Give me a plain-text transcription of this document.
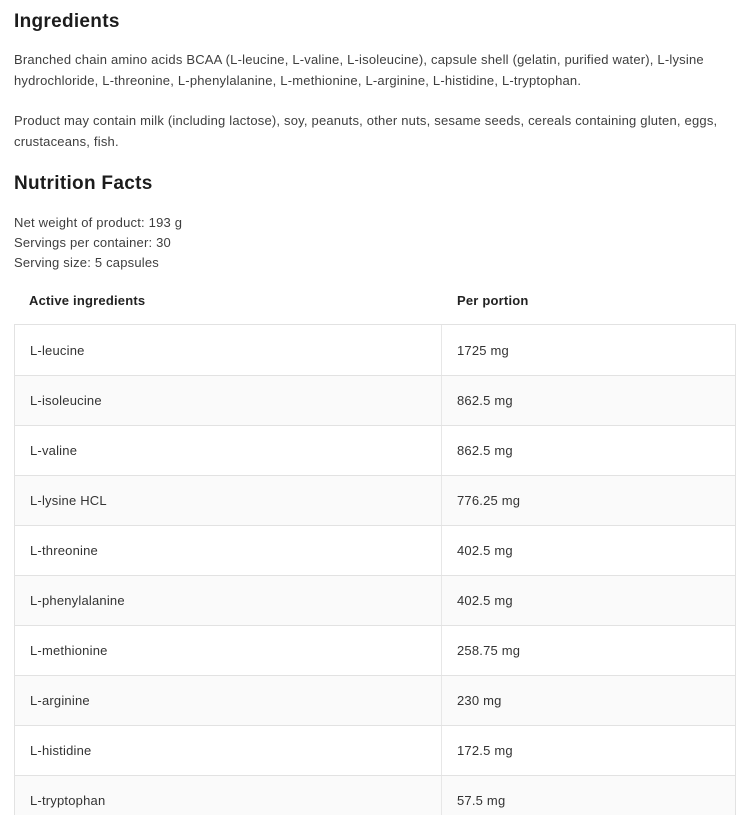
Ingredients

Branched chain amino acids BCAA (L-leucine, L-valine, L-isoleucine), capsule shell (gelatin, purified water), L-lysine hydrochloride, L-threonine, L-phenylalanine, L-methionine, L-arginine, L-histidine, L-tryptophan.

Product may contain milk (including lactose), soy, peanuts, other nuts, sesame seeds, cereals containing gluten, eggs, crustaceans, fish.

Nutrition Facts
Net weight of product: 193 g
Servings per container: 30
Serving size: 5 capsules
Active ingredients	Per portion
L-leucine	1725 mg
L-isoleucine	862.5 mg
L-valine	862.5 mg
L-lysine HCL	776.25 mg
L-threonine	402.5 mg
L-phenylalanine	402.5 mg
L-methionine	258.75 mg
L-arginine	230 mg
L-histidine	172.5 mg
L-tryptophan	57.5 mg
